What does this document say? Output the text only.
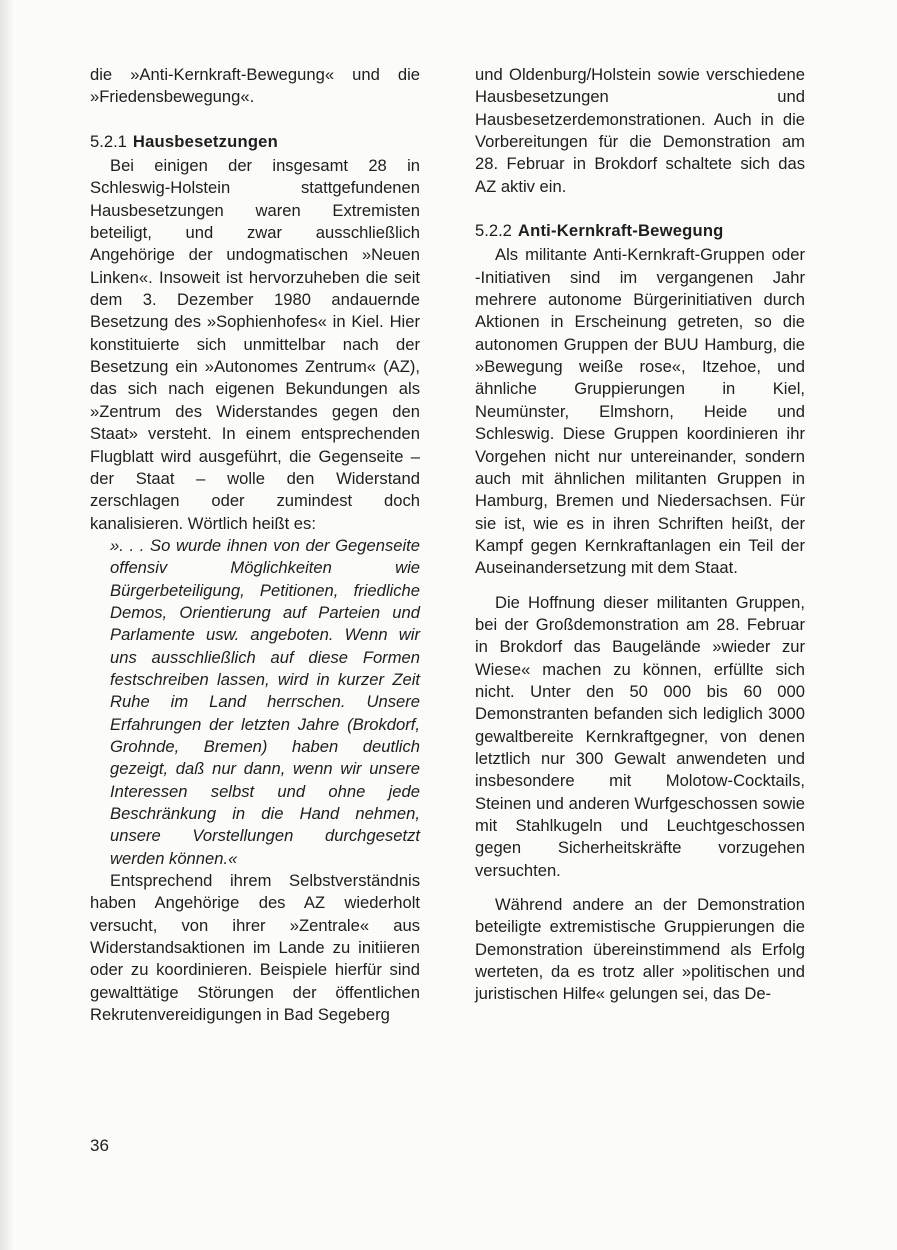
die »Anti-Kernkraft-Bewegung« und die »Friedensbewegung«.

5.2.1 Hausbesetzungen

Bei einigen der insgesamt 28 in Schleswig-Holstein stattgefundenen Hausbesetzungen waren Extremisten beteiligt, und zwar ausschließlich Angehörige der undogmatischen »Neuen Linken«. Insoweit ist hervorzuheben die seit dem 3. Dezember 1980 andauernde Besetzung des »Sophienhofes« in Kiel. Hier konstituierte sich unmittelbar nach der Besetzung ein »Autonomes Zentrum« (AZ), das sich nach eigenen Bekundungen als »Zentrum des Widerstandes gegen den Staat» versteht. In einem entsprechenden Flugblatt wird ausgeführt, die Gegenseite – der Staat – wolle den Widerstand zerschlagen oder zumindest doch kanalisieren. Wörtlich heißt es:

». . . So wurde ihnen von der Gegenseite offensiv Möglichkeiten wie Bürgerbeteiligung, Petitionen, friedliche Demos, Orientierung auf Parteien und Parlamente usw. angeboten. Wenn wir uns ausschließlich auf diese Formen festschreiben lassen, wird in kurzer Zeit Ruhe im Land herrschen. Unsere Erfahrungen der letzten Jahre (Brokdorf, Grohnde, Bremen) haben deutlich gezeigt, daß nur dann, wenn wir unsere Interessen selbst und ohne jede Beschränkung in die Hand nehmen, unsere Vorstellungen durchgesetzt werden können.«

Entsprechend ihrem Selbstverständnis haben Angehörige des AZ wiederholt versucht, von ihrer »Zentrale« aus Widerstandsaktionen im Lande zu initiieren oder zu koordinieren. Beispiele hierfür sind gewalttätige Störungen der öffentlichen Rekrutenvereidigungen in Bad Segeberg

und Oldenburg/Holstein sowie verschiedene Hausbesetzungen und Hausbesetzerdemonstrationen. Auch in die Vorbereitungen für die Demonstration am 28. Februar in Brokdorf schaltete sich das AZ aktiv ein.

5.2.2 Anti-Kernkraft-Bewegung

Als militante Anti-Kernkraft-Gruppen oder -Initiativen sind im vergangenen Jahr mehrere autonome Bürgerinitiativen durch Aktionen in Erscheinung getreten, so die autonomen Gruppen der BUU Hamburg, die »Bewegung weiße rose«, Itzehoe, und ähnliche Gruppierungen in Kiel, Neumünster, Elmshorn, Heide und Schleswig. Diese Gruppen koordinieren ihr Vorgehen nicht nur untereinander, sondern auch mit ähnlichen militanten Gruppen in Hamburg, Bremen und Niedersachsen. Für sie ist, wie es in ihren Schriften heißt, der Kampf gegen Kernkraftanlagen ein Teil der Auseinandersetzung mit dem Staat.

Die Hoffnung dieser militanten Gruppen, bei der Großdemonstration am 28. Februar in Brokdorf das Baugelände »wieder zur Wiese« machen zu können, erfüllte sich nicht. Unter den 50 000 bis 60 000 Demonstranten befanden sich lediglich 3000 gewaltbereite Kernkraftgegner, von denen letztlich nur 300 Gewalt anwendeten und insbesondere mit Molotow-Cocktails, Steinen und anderen Wurfgeschossen sowie mit Stahlkugeln und Leuchtgeschossen gegen Sicherheitskräfte vorzugehen versuchten.

Während andere an der Demonstration beteiligte extremistische Gruppierungen die Demonstration übereinstimmend als Erfolg werteten, da es trotz aller »politischen und juristischen Hilfe« gelungen sei, das De-

36
